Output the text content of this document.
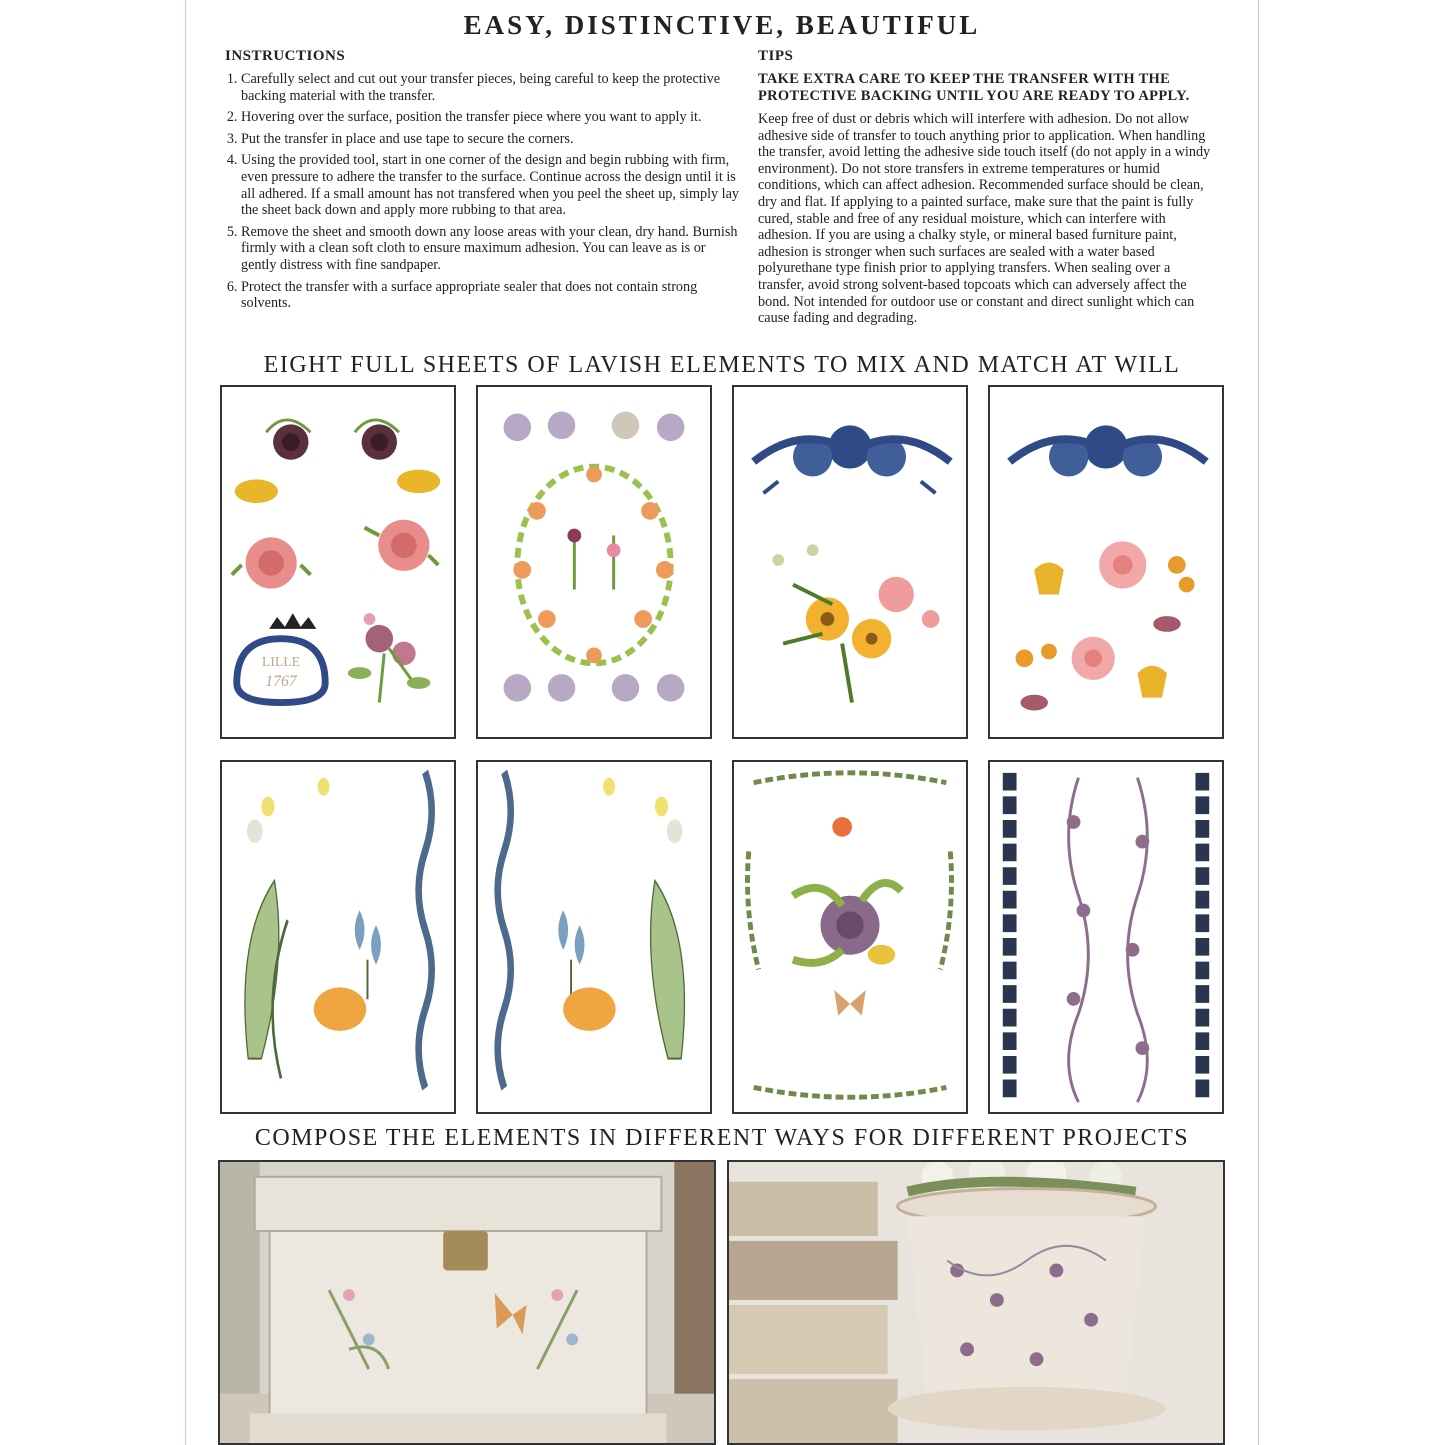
EASY, DISTINCTIVE, BEAUTIFUL
INSTRUCTIONS
1. Carefully select and cut out your transfer pieces, being careful to keep the protective backing material with the transfer.
2. Hovering over the surface, position the transfer piece where you want to apply it.
3. Put the transfer in place and use tape to secure the corners.
4. Using the provided tool, start in one corner of the design and begin rubbing with firm, even pressure to adhere the transfer to the surface. Continue across the design until it is all adhered. If a small amount has not transfered when you peel the sheet up, simply lay the sheet back down and apply more rubbing to that area.
5. Remove the sheet and smooth down any loose areas with your clean, dry hand. Burnish firmly with a clean soft cloth to ensure maximum adhesion. You can leave as is or gently distress with fine sandpaper.
6. Protect the transfer with a surface appropriate sealer that does not contain strong solvents.
TIPS
TAKE EXTRA CARE TO KEEP THE TRANSFER WITH THE PROTECTIVE BACKING UNTIL YOU ARE READY TO APPLY.
Keep free of dust or debris which will interfere with adhesion. Do not allow adhesive side of transfer to touch anything prior to application. When handling the transfer, avoid letting the adhesive side touch itself (do not apply in a windy environment). Do not store transfers in extreme temperatures or humid conditions, which can affect adhesion. Recommended surface should be clean, dry and flat. If applying to a painted surface, make sure that the paint is fully cured, stable and free of any residual moisture, which can interfere with adhesion. If you are using a chalky style, or mineral based furniture paint, adhesion is stronger when such surfaces are sealed with a water based polyurethane type finish prior to applying transfers. When sealing over a transfer, avoid strong solvent-based topcoats which can adversely affect the bond. Not intended for outdoor use or constant and direct sunlight which can cause fading and degrading.
EIGHT FULL SHEETS OF LAVISH ELEMENTS TO MIX AND MATCH AT WILL
LILLE
1767
COMPOSE THE ELEMENTS IN DIFFERENT WAYS FOR DIFFERENT PROJECTS
